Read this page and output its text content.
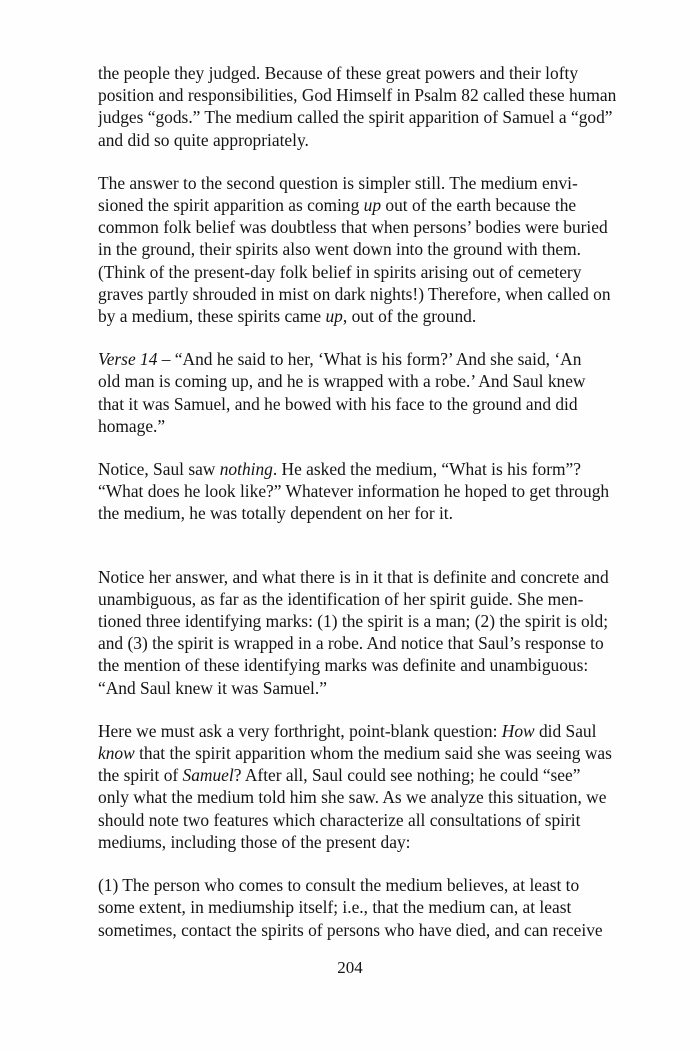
the people they judged. Because of these great powers and their lofty
position and responsibilities, God Himself in Psalm 82 called these human
judges “gods.” The medium called the spirit apparition of Samuel a “god”
and did so quite appropriately.

The answer to the second question is simpler still. The medium envi-
sioned the spirit apparition as coming up out of the earth because the
common folk belief was doubtless that when persons’ bodies were buried
in the ground, their spirits also went down into the ground with them.
(Think of the present-day folk belief in spirits arising out of cemetery
graves partly shrouded in mist on dark nights!) Therefore, when called on
by a medium, these spirits came up, out of the ground.

Verse 14 – “And he said to her, ‘What is his form?’ And she said, ‘An
old man is coming up, and he is wrapped with a robe.’ And Saul knew
that it was Samuel, and he bowed with his face to the ground and did
homage.”

Notice, Saul saw nothing. He asked the medium, “What is his form”?
“What does he look like?” Whatever information he hoped to get through
the medium, he was totally dependent on her for it.

Notice her answer, and what there is in it that is definite and concrete and
unambiguous, as far as the identification of her spirit guide. She men-
tioned three identifying marks: (1) the spirit is a man; (2) the spirit is old;
and (3) the spirit is wrapped in a robe. And notice that Saul’s response to
the mention of these identifying marks was definite and unambiguous:
“And Saul knew it was Samuel.”

Here we must ask a very forthright, point-blank question: How did Saul
know that the spirit apparition whom the medium said she was seeing was
the spirit of Samuel? After all, Saul could see nothing; he could “see”
only what the medium told him she saw. As we analyze this situation, we
should note two features which characterize all consultations of spirit
mediums, including those of the present day:

(1) The person who comes to consult the medium believes, at least to
some extent, in mediumship itself; i.e., that the medium can, at least
sometimes, contact the spirits of persons who have died, and can receive

204
